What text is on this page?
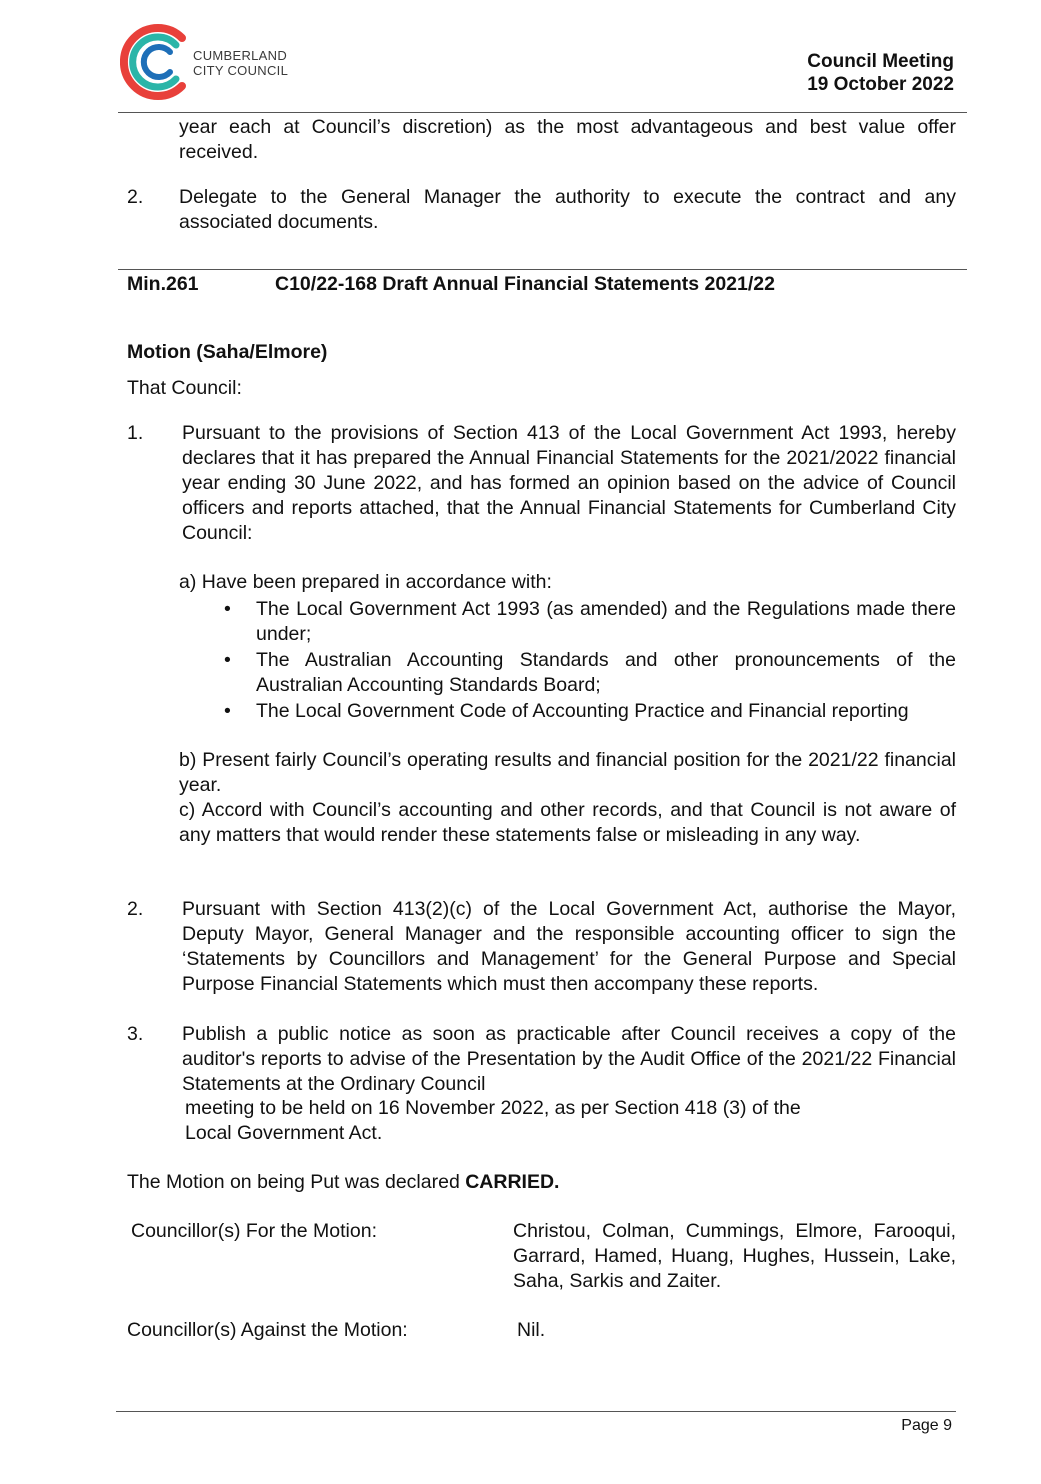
CUMBERLAND
CITY COUNCIL	Council Meeting
19 October 2022
year each at Council’s discretion) as the most advantageous and best value offer received.
2. Delegate to the General Manager the authority to execute the contract and any associated documents.
Min.261	C10/22-168 Draft Annual Financial Statements 2021/22
Motion (Saha/Elmore)
That Council:
1. Pursuant to the provisions of Section 413 of the Local Government Act 1993, hereby declares that it has prepared the Annual Financial Statements for the 2021/2022 financial year ending 30 June 2022, and has formed an opinion based on the advice of Council officers and reports attached, that the Annual Financial Statements for Cumberland City Council:
a) Have been prepared in accordance with:
• The Local Government Act 1993 (as amended) and the Regulations made there under;
• The Australian Accounting Standards and other pronouncements of the Australian Accounting Standards Board;
• The Local Government Code of Accounting Practice and Financial reporting
b) Present fairly Council’s operating results and financial position for the 2021/22 financial year.
c) Accord with Council’s accounting and other records, and that Council is not aware of any matters that would render these statements false or misleading in any way.
2. Pursuant with Section 413(2)(c) of the Local Government Act, authorise the Mayor, Deputy Mayor, General Manager and the responsible accounting officer to sign the ‘Statements by Councillors and Management’ for the General Purpose and Special Purpose Financial Statements which must then accompany these reports.
3. Publish a public notice as soon as practicable after Council receives a copy of the auditor's reports to advise of the Presentation by the Audit Office of the 2021/22 Financial Statements at the Ordinary Council
meeting to be held on 16 November 2022, as per Section 418 (3) of the
Local Government Act.
The Motion on being Put was declared CARRIED.
Councillor(s) For the Motion:	Christou, Colman, Cummings, Elmore, Farooqui, Garrard, Hamed, Huang, Hughes, Hussein, Lake, Saha, Sarkis and Zaiter.
Councillor(s) Against the Motion:	Nil.
Page 9
